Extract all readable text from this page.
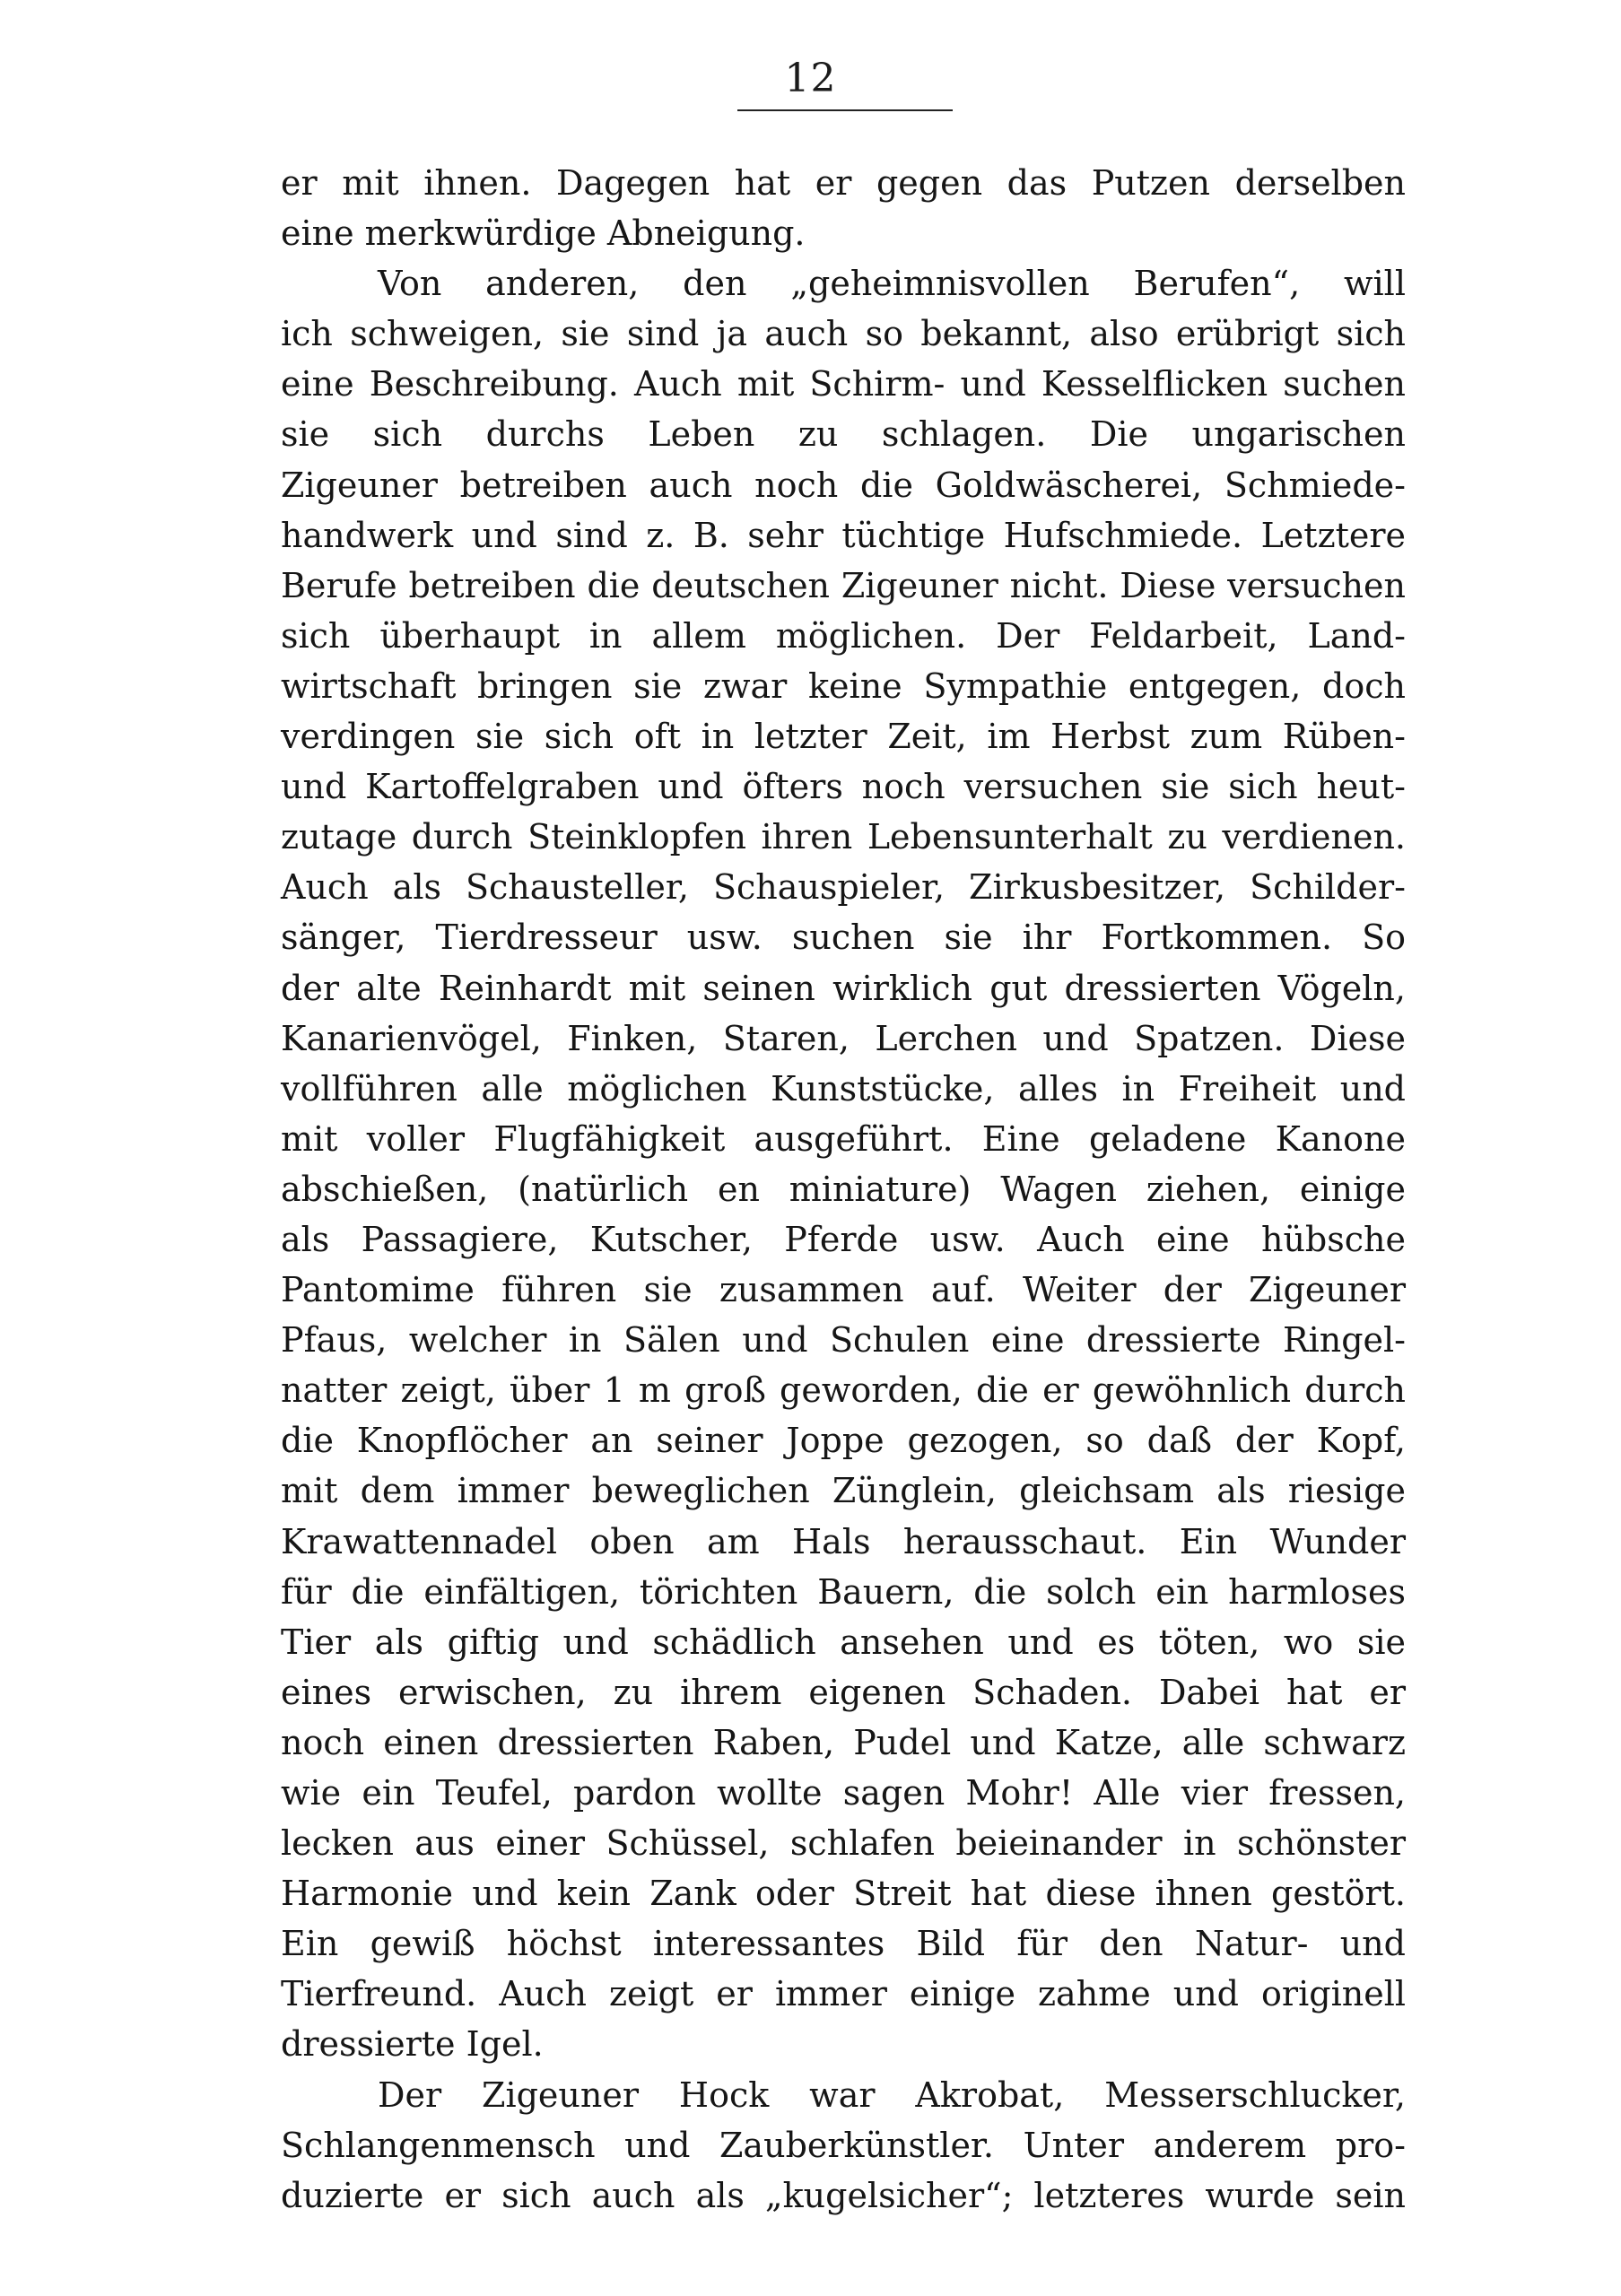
12
er mit ihnen. Dagegen hat er gegen das Putzen derselben
eine merkwürdige Abneigung.
Von anderen, den „geheimnisvollen Berufen“, will
ich schweigen, sie sind ja auch so bekannt, also erübrigt sich
eine Beschreibung. Auch mit Schirm- und Kesselflicken suchen
sie sich durchs Leben zu schlagen. Die ungarischen
Zigeuner betreiben auch noch die Goldwäscherei, Schmiede-
handwerk und sind z. B. sehr tüchtige Hufschmiede. Letztere
Berufe betreiben die deutschen Zigeuner nicht. Diese versuchen
sich überhaupt in allem möglichen. Der Feldarbeit, Land-
wirtschaft bringen sie zwar keine Sympathie entgegen, doch
verdingen sie sich oft in letzter Zeit, im Herbst zum Rüben-
und Kartoffelgraben und öfters noch versuchen sie sich heut-
zutage durch Steinklopfen ihren Lebensunterhalt zu verdienen.
Auch als Schausteller, Schauspieler, Zirkusbesitzer, Schilder-
sänger, Tierdresseur usw. suchen sie ihr Fortkommen. So
der alte Reinhardt mit seinen wirklich gut dressierten Vögeln,
Kanarienvögel, Finken, Staren, Lerchen und Spatzen. Diese
vollführen alle möglichen Kunststücke, alles in Freiheit und
mit voller Flugfähigkeit ausgeführt. Eine geladene Kanone
abschießen, (natürlich en miniature) Wagen ziehen, einige
als Passagiere, Kutscher, Pferde usw. Auch eine hübsche
Pantomime führen sie zusammen auf. Weiter der Zigeuner
Pfaus, welcher in Sälen und Schulen eine dressierte Ringel-
natter zeigt, über 1 m groß geworden, die er gewöhnlich durch
die Knopflöcher an seiner Joppe gezogen, so daß der Kopf,
mit dem immer beweglichen Zünglein, gleichsam als riesige
Krawattennadel oben am Hals herausschaut. Ein Wunder
für die einfältigen, törichten Bauern, die solch ein harmloses
Tier als giftig und schädlich ansehen und es töten, wo sie
eines erwischen, zu ihrem eigenen Schaden. Dabei hat er
noch einen dressierten Raben, Pudel und Katze, alle schwarz
wie ein Teufel, pardon wollte sagen Mohr! Alle vier fressen,
lecken aus einer Schüssel, schlafen beieinander in schönster
Harmonie und kein Zank oder Streit hat diese ihnen gestört.
Ein gewiß höchst interessantes Bild für den Natur- und
Tierfreund. Auch zeigt er immer einige zahme und originell
dressierte Igel.
Der Zigeuner Hock war Akrobat, Messerschlucker,
Schlangenmensch und Zauberkünstler. Unter anderem pro-
duzierte er sich auch als „kugelsicher“; letzteres wurde sein
